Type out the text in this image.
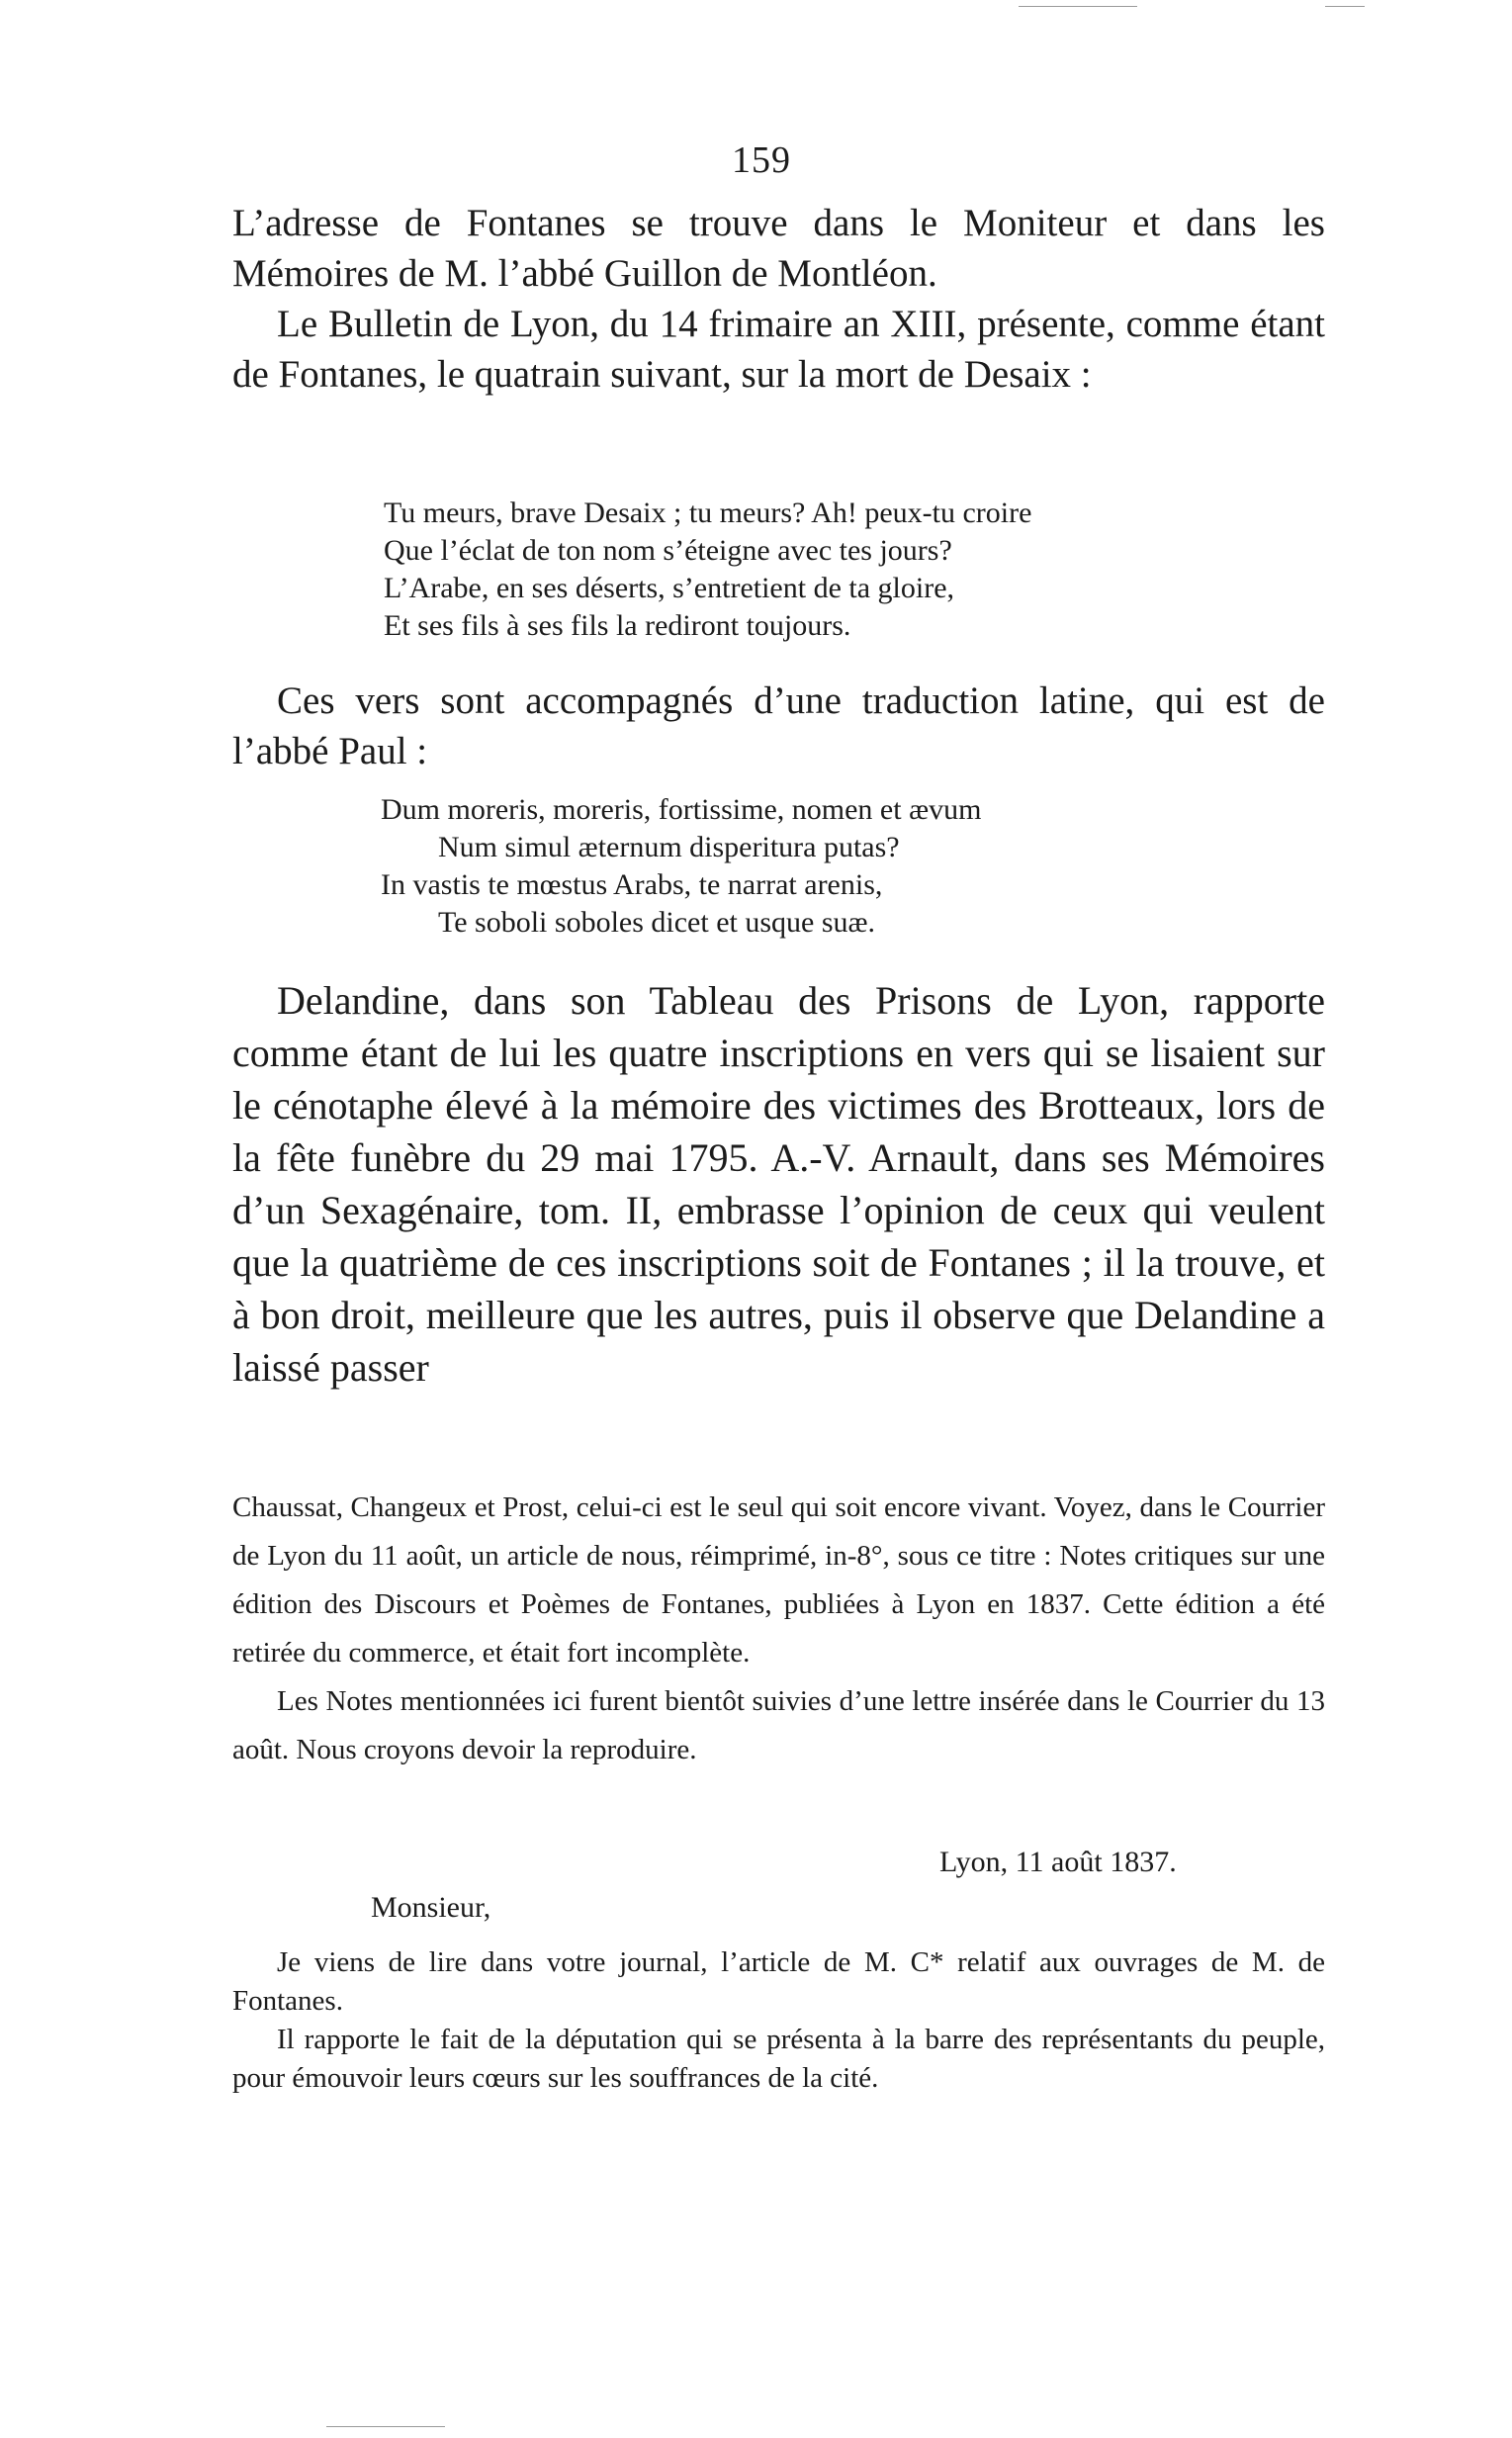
159

L’adresse de Fontanes se trouve dans le Moniteur et dans les Mémoires de M. l’abbé Guillon de Montléon.

Le Bulletin de Lyon, du 14 frimaire an XIII, présente, comme étant de Fontanes, le quatrain suivant, sur la mort de Desaix :

Tu meurs, brave Desaix ; tu meurs? Ah! peux-tu croire
Que l’éclat de ton nom s’éteigne avec tes jours?
L’Arabe, en ses déserts, s’entretient de ta gloire,
Et ses fils à ses fils la rediront toujours.

Ces vers sont accompagnés d’une traduction latine, qui est de l’abbé Paul :

Dum moreris, moreris, fortissime, nomen et ævum
Num simul æternum disperitura putas?
In vastis te mœstus Arabs, te narrat arenis,
Te soboli soboles dicet et usque suæ.

Delandine, dans son Tableau des Prisons de Lyon, rapporte comme étant de lui les quatre inscriptions en vers qui se lisaient sur le cénotaphe élevé à la mémoire des victimes des Brotteaux, lors de la fête funèbre du 29 mai 1795. A.-V. Arnault, dans ses Mémoires d’un Sexagénaire, tom. II, embrasse l’opinion de ceux qui veulent que la quatrième de ces inscriptions soit de Fontanes ; il la trouve, et à bon droit, meilleure que les autres, puis il observe que Delandine a laissé passer

Chaussat, Changeux et Prost, celui-ci est le seul qui soit encore vivant. Voyez, dans le Courrier de Lyon du 11 août, un article de nous, réimprimé, in-8°, sous ce titre : Notes critiques sur une édition des Discours et Poèmes de Fontanes, publiées à Lyon en 1837. Cette édition a été retirée du commerce, et était fort incomplète.

Les Notes mentionnées ici furent bientôt suivies d’une lettre insérée dans le Courrier du 13 août. Nous croyons devoir la reproduire.

Lyon, 11 août 1837.
Monsieur,

Je viens de lire dans votre journal, l’article de M. C* relatif aux ouvrages de M. de Fontanes.

Il rapporte le fait de la députation qui se présenta à la barre des représentants du peuple, pour émouvoir leurs cœurs sur les souffrances de la cité.
